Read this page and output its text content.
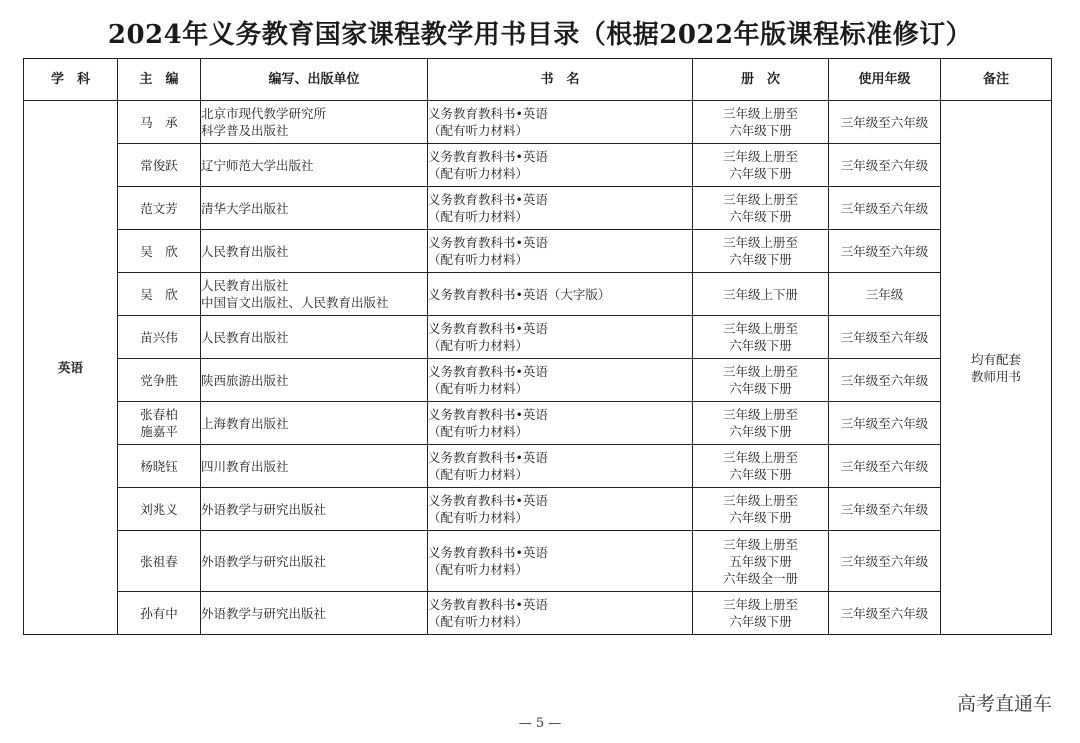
2024年义务教育国家课程教学用书目录（根据2022年版课程标准修订）
学　科	主　编	编写、出版单位	书　名	册　次	使用年级	备注
英语	马　承	北京市现代教学研究所
科学普及出版社	义务教育教科书•英语
（配有听力材料）	三年级上册至
六年级下册	三年级至六年级	均有配套
教师用书

	常俊跃	辽宁师范大学出版社	义务教育教科书•英语
（配有听力材料）	三年级上册至
六年级下册	三年级至六年级	

	范文芳	清华大学出版社	义务教育教科书•英语
（配有听力材料）	三年级上册至
六年级下册	三年级至六年级	

	吴　欣	人民教育出版社	义务教育教科书•英语
（配有听力材料）	三年级上册至
六年级下册	三年级至六年级	

	吴　欣	人民教育出版社
中国盲文出版社、人民教育出版社	义务教育教科书•英语（大字版）	三年级上下册	三年级	

	苗兴伟	人民教育出版社	义务教育教科书•英语
（配有听力材料）	三年级上册至
六年级下册	三年级至六年级	

	党争胜	陕西旅游出版社	义务教育教科书•英语
（配有听力材料）	三年级上册至
六年级下册	三年级至六年级	

	张春柏
施嘉平	上海教育出版社	义务教育教科书•英语
（配有听力材料）	三年级上册至
六年级下册	三年级至六年级	

	杨晓钰	四川教育出版社	义务教育教科书•英语
（配有听力材料）	三年级上册至
六年级下册	三年级至六年级	

	刘兆义	外语教学与研究出版社	义务教育教科书•英语
（配有听力材料）	三年级上册至
六年级下册	三年级至六年级	

	张祖春	外语教学与研究出版社	义务教育教科书•英语
（配有听力材料）	三年级上册至
五年级下册
六年级全一册	三年级至六年级	

	孙有中	外语教学与研究出版社	义务教育教科书•英语
（配有听力材料）	三年级上册至
六年级下册	三年级至六年级	
高考直通车
— 5 —
